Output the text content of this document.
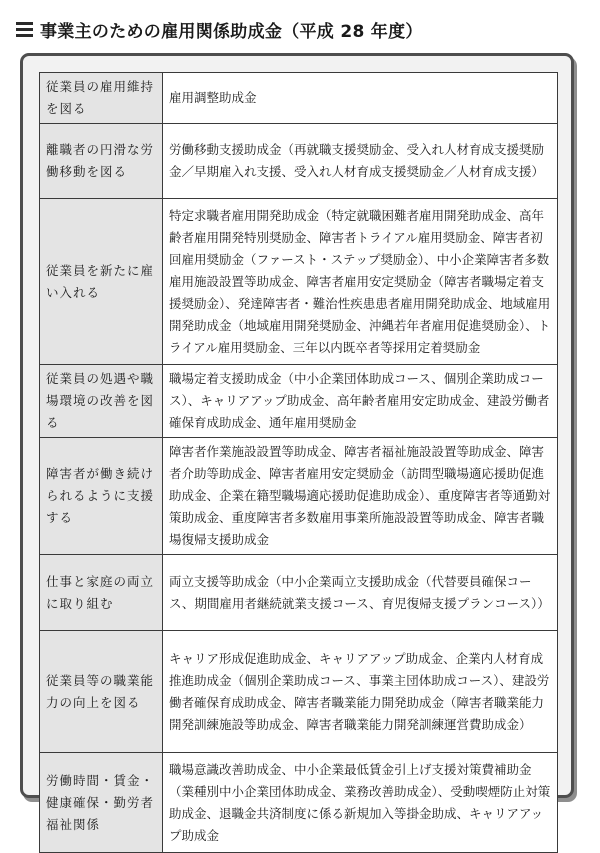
事業主のための雇用関係助成金（平成 28 年度）
従業員の雇用維持を図る	雇用調整助成金
離職者の円滑な労働移動を図る	労働移動支援助成金（再就職支援奨励金、受入れ人材育成支援奨励金／早期雇入れ支援、受入れ人材育成支援奨励金／人材育成支援）
従業員を新たに雇い入れる	特定求職者雇用開発助成金（特定就職困難者雇用開発助成金、高年齢者雇用開発特別奨励金、障害者トライアル雇用奨励金、障害者初回雇用奨励金（ファースト・ステップ奨励金）、中小企業障害者多数雇用施設設置等助成金、障害者雇用安定奨励金（障害者職場定着支援奨励金）、発達障害者・難治性疾患患者雇用開発助成金、地域雇用開発助成金（地域雇用開発奨励金、沖縄若年者雇用促進奨励金）、トライアル雇用奨励金、三年以内既卒者等採用定着奨励金
従業員の処遇や職場環境の改善を図る	職場定着支援助成金（中小企業団体助成コース、個別企業助成コース）、キャリアアップ助成金、高年齢者雇用安定助成金、建設労働者確保育成助成金、通年雇用奨励金
障害者が働き続けられるように支援する	障害者作業施設設置等助成金、障害者福祉施設設置等助成金、障害者介助等助成金、障害者雇用安定奨励金（訪問型職場適応援助促進助成金、企業在籍型職場適応援助促進助成金）、重度障害者等通勤対策助成金、重度障害者多数雇用事業所施設設置等助成金、障害者職場復帰支援助成金
仕事と家庭の両立に取り組む	両立支援等助成金（中小企業両立支援助成金（代替要員確保コース、期間雇用者継続就業支援コース、育児復帰支援プランコース））
従業員等の職業能力の向上を図る	キャリア形成促進助成金、キャリアアップ助成金、企業内人材育成推進助成金（個別企業助成コース、事業主団体助成コース）、建設労働者確保育成助成金、障害者職業能力開発助成金（障害者職業能力開発訓練施設等助成金、障害者職業能力開発訓練運営費助成金）
労働時間・賃金・健康確保・勤労者福祉関係	職場意識改善助成金、中小企業最低賃金引上げ支援対策費補助金（業種別中小企業団体助成金、業務改善助成金）、受動喫煙防止対策助成金、退職金共済制度に係る新規加入等掛金助成、キャリアアップ助成金
